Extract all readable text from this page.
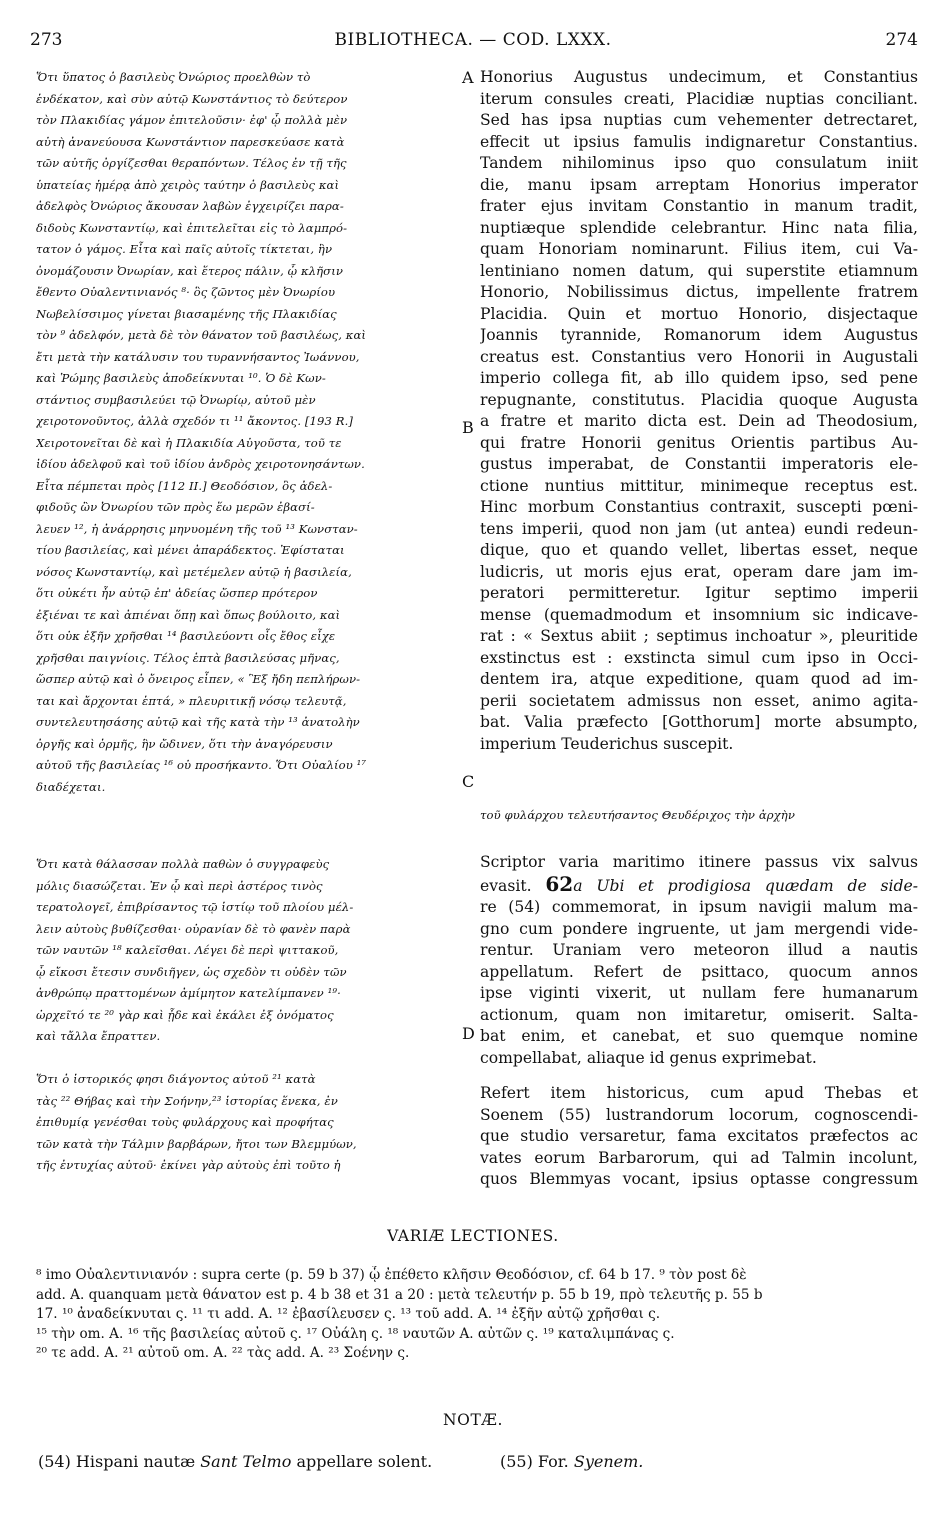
273	BIBLIOTHECA. — COD. LXXX.	274
Ὅτι ὕπατος ὁ βασιλεὺς Ὀνώριος προελθὼν τὸ
ἑνδέκατον, καὶ σὺν αὐτῷ Κωνστάντιος τὸ δεύτερον
τὸν Πλακιδίας γάμον ἐπιτελοῦσιν· ἐφ' ᾧ πολλὰ μὲν
αὐτὴ ἀνανεύουσα Κωνστάντιον παρεσκεύασε κατὰ
τῶν αὐτῆς ὀργίζεσθαι θεραπόντων. Τέλος ἐν τῇ τῆς
ὑπατείας ἡμέρᾳ ἀπὸ χειρὸς ταύτην ὁ βασιλεὺς καὶ
ἀδελφὸς Ὀνώριος ἄκουσαν λαβὼν ἐγχειρίζει παρα-
διδοὺς Κωνσταντίῳ, καὶ ἐπιτελεῖται εἰς τὸ λαμπρό-
τατον ὁ γάμος. Εἶτα καὶ παῖς αὐτοῖς τίκτεται, ἣν
ὀνομάζουσιν Ὀνωρίαν, καὶ ἕτερος πάλιν, ᾧ κλῆσιν
ἔθεντο Οὐαλεντινιανός ⁸· ὃς ζῶντος μὲν Ὀνωρίου
Νωβελίσσιμος γίνεται βιασαμένης τῆς Πλακιδίας
τὸν ⁹ ἀδελφόν, μετὰ δὲ τὸν θάνατον τοῦ βασιλέως, καὶ
ἔτι μετὰ τὴν κατάλυσιν του τυραννήσαντος Ἰωάννου,
καὶ Ῥώμης βασιλεὺς ἀποδείκνυται ¹⁰. Ὁ δὲ Κων-
στάντιος συμβασιλεύει τῷ Ὀνωρίῳ, αὐτοῦ μὲν
χειροτονοῦντος, ἀλλὰ σχεδόν τι ¹¹ ἄκοντος. [193 R.]
Χειροτονεῖται δὲ καὶ ἡ Πλακιδία Αὐγοῦστα, τοῦ τε
ἰδίου ἀδελφοῦ καὶ τοῦ ἰδίου ἀνδρὸς χειροτονησάντων.
Εἶτα πέμπεται πρὸς [112 II.] Θεοδόσιον, ὃς ἀδελ-
φιδοῦς ὢν Ὀνωρίου τῶν πρὸς ἕω μερῶν ἐβασί-
λευεν ¹², ἡ ἀνάρρησις μηνυομένη τῆς τοῦ ¹³ Κωνσταν-
τίου βασιλείας, καὶ μένει ἀπαράδεκτος. Ἐφίσταται
νόσος Κωνσταντίῳ, καὶ μετέμελεν αὐτῷ ἡ βασιλεία,
ὅτι οὐκέτι ἦν αὐτῷ ἐπ' ἀδείας ὥσπερ πρότερον
ἐξιέναι τε καὶ ἀπιέναι ὅπῃ καὶ ὅπως βούλοιτο, καὶ
ὅτι οὐκ ἐξῆν χρῆσθαι ¹⁴ βασιλεύοντι οἷς ἔθος εἶχε
χρῆσθαι παιγνίοις. Τέλος ἑπτὰ βασιλεύσας μῆνας,
ὥσπερ αὐτῷ καὶ ὁ ὄνειρος εἶπεν, « Ἓξ ἤδη πεπλήρων-
ται καὶ ἄρχονται ἑπτά, » πλευριτικῇ νόσῳ τελευτᾷ,
συντελευτησάσης αὐτῷ καὶ τῆς κατὰ τὴν ¹³ ἀνατολὴν
ὀργῆς καὶ ὁρμῆς, ἣν ὤδινεν, ὅτι τὴν ἀναγόρευσιν
αὐτοῦ τῆς βασιλείας ¹⁶ οὐ προσήκαντο. Ὅτι Οὐαλίου ¹⁷
διαδέχεται.
Honorius Augustus undecimum, et Constantius
iterum consules creati, Placidiæ nuptias conciliant.
Sed has ipsa nuptias cum vehementer detrectaret,
effecit ut ipsius famulis indignaretur Constantius.
Tandem nihilominus ipso quo consulatum iniit
die, manu ipsam arreptam Honorius imperator
frater ejus invitam Constantio in manum tradit,
nuptiæque splendide celebrantur. Hinc nata filia,
quam Honoriam nominarunt. Filius item, cui Va-
lentiniano nomen datum, qui superstite etiamnum
Honorio, Nobilissimus dictus, impellente fratrem
Placidia. Quin et mortuo Honorio, disjectaque
Joannis tyrannide, Romanorum idem Augustus
creatus est. Constantius vero Honorii in Augustali
imperio collega fit, ab illo quidem ipso, sed pene
repugnante, constitutus. Placidia quoque Augusta
a fratre et marito dicta est. Dein ad Theodosium,
qui fratre Honorii genitus Orientis partibus Au-
gustus imperabat, de Constantii imperatoris ele-
ctione nuntius mittitur, minimeque receptus est.
Hinc morbum Constantius contraxit, suscepti pœni-
tens imperii, quod non jam (ut antea) eundi redeun-
dique, quo et quando vellet, libertas esset, neque
ludicris, ut moris ejus erat, operam dare jam im-
peratori permitteretur. Igitur septimo imperii
mense (quemadmodum et insomnium sic indicave-
rat : « Sextus abiit ; septimus inchoatur », pleuritide
exstinctus est : exstincta simul cum ipso in Occi-
dentem ira, atque expeditione, quam quod ad im-
perii societatem admissus non esset, animo agita-
bat. Valia præfecto [Gotthorum] morte absumpto,
imperium Teuderichus suscepit.
A
B
C
D
τοῦ φυλάρχου τελευτήσαντος Θευδέριχος τὴν ἀρχὴν
Ὅτι κατὰ θάλασσαν πολλὰ παθὼν ὁ συγγραφεὺς
μόλις διασώζεται. Ἐν ᾧ καὶ περὶ ἀστέρος τινὸς
τερατολογεῖ, ἐπιβρίσαντος τῷ ἱστίῳ τοῦ πλοίου μέλ-
λειν αὐτοὺς βυθίζεσθαι· οὐρανίαν δὲ τὸ φανὲν παρὰ
τῶν ναυτῶν ¹⁸ καλεῖσθαι. Λέγει δὲ περὶ ψιττακοῦ,
ᾧ εἴκοσι ἔτεσιν συνδιῆγεν, ὡς σχεδὸν τι οὐδὲν τῶν
ἀνθρώπῳ πραττομένων ἀμίμητον κατελίμπανεν ¹⁹·
ὠρχεῖτό τε ²⁰ γὰρ καὶ ᾖδε καὶ ἐκάλει ἐξ ὀνόματος
καὶ τἄλλα ἔπραττεν.
Scriptor varia maritimo itinere passus vix salvus
evasit. 62a Ubi et prodigiosa quædam de side-
re (54) commemorat, in ipsum navigii malum ma-
gno cum pondere ingruente, ut jam mergendi vide-
rentur. Uraniam vero meteoron illud a nautis
appellatum. Refert de psittaco, quocum annos
ipse viginti vixerit, ut nullam fere humanarum
actionum, quam non imitaretur, omiserit. Salta-
bat enim, et canebat, et suo quemque nomine
compellabat, aliaque id genus exprimebat.
Ὅτι ὁ ἱστορικός φησι διάγοντος αὐτοῦ ²¹ κατὰ
τὰς ²² Θήβας καὶ τὴν Σοήνην,²³ ἱστορίας ἕνεκα, ἐν
ἐπιθυμίᾳ γενέσθαι τοὺς φυλάρχους καὶ προφήτας
τῶν κατὰ τὴν Τάλμιν βαρβάρων, ἤτοι των Βλεμμύων,
τῆς ἐντυχίας αὐτοῦ· ἐκίνει γὰρ αὐτοὺς ἐπὶ τοῦτο ἡ
Refert item historicus, cum apud Thebas et
Soenem (55) lustrandorum locorum, cognoscendi-
que studio versaretur, fama excitatos præfectos ac
vates eorum Barbarorum, qui ad Talmin incolunt,
quos Blemmyas vocant, ipsius optasse congressum
VARIÆ LECTIONES.
⁸ imo Οὐαλεντινιανόν : supra certe (p. 59 b 37) ᾧ ἐπέθετο κλῆσιν Θεοδόσιον, cf. 64 b 17. ⁹ τὸν post δὲ
add. A. quanquam μετὰ θάνατον est p. 4 b 38 et 31 a 20 : μετὰ τελευτήν p. 55 b 19, πρὸ τελευτῆς p. 55 b
17. ¹⁰ ἀναδείκνυται ς. ¹¹ τι add. A. ¹² ἐβασίλευσεν ς. ¹³ τοῦ add. A. ¹⁴ ἐξῆν αὐτῷ χρῆσθαι ς.
¹⁵ τὴν om. A. ¹⁶ τῆς βασιλείας αὐτοῦ ς. ¹⁷ Οὐάλη ς. ¹⁸ ναυτῶν A. αὐτῶν ς. ¹⁹ καταλιμπάνας ς.
²⁰ τε add. A. ²¹ αὐτοῦ om. A. ²² τὰς add. A. ²³ Σοένην ς.
NOTÆ.
(54) Hispani nautæ Sant Telmo appellare solent.	(55) For. Syenem.
